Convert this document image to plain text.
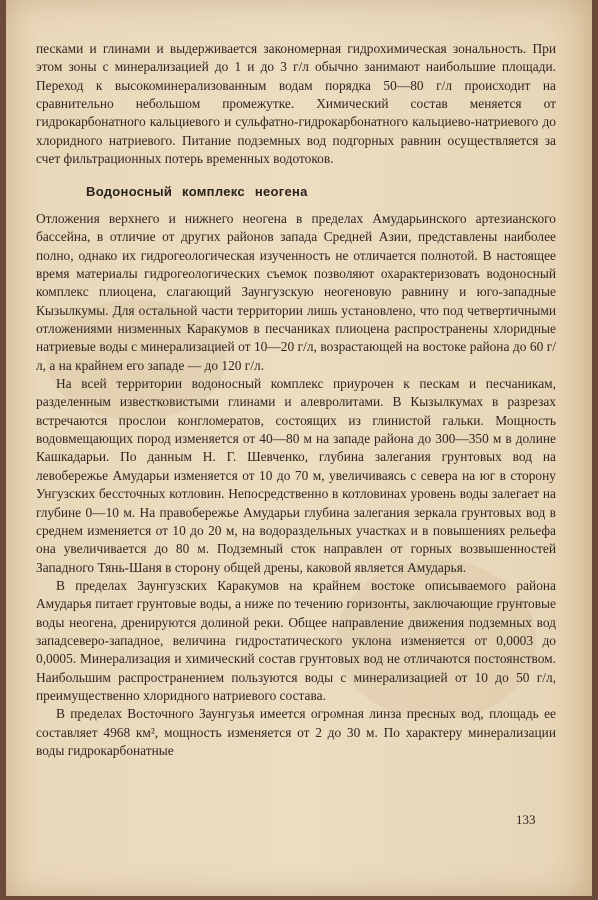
песками и глинами и выдерживается закономерная гидрохимическая зональность. При этом зоны с минерализацией до 1 и до 3 г/л обычно занимают наибольшие площади. Переход к высокоминерализованным водам порядка 50—80 г/л происходит на сравнительно небольшом промежутке. Химический состав меняется от гидрокарбонатного кальциевого и сульфатно-гидрокарбонатного кальциево-натриевого до хлоридного натриевого. Питание подземных вод подгорных равнин осуществляется за счет фильтрационных потерь временных водотоков.

Водоносный комплекс неогена

Отложения верхнего и нижнего неогена в пределах Амударьинского артезианского бассейна, в отличие от других районов запада Средней Азии, представлены наиболее полно, однако их гидрогеологическая изученность не отличается полнотой. В настоящее время материалы гидрогеологических съемок позволяют охарактеризовать водоносный комплекс плиоцена, слагающий Заунгузскую неогеновую равнину и юго-западные Кызылкумы. Для остальной части территории лишь установлено, что под четвертичными отложениями низменных Каракумов в песчаниках плиоцена распространены хлоридные натриевые воды с минерализацией от 10—20 г/л, возрастающей на востоке района до 60 г/л, а на крайнем его западе — до 120 г/л.

На всей территории водоносный комплекс приурочен к пескам и песчаникам, разделенным известковистыми глинами и алевролитами. В Кызылкумах в разрезах встречаются прослои конгломератов, состоящих из глинистой гальки. Мощность водовмещающих пород изменяется от 40—80 м на западе района до 300—350 м в долине Кашкадарьи. По данным Н. Г. Шевченко, глубина залегания грунтовых вод на левобережье Амударьи изменяется от 10 до 70 м, увеличиваясь с севера на юг в сторону Унгузских бессточных котловин. Непосредственно в котловинах уровень воды залегает на глубине 0—10 м. На правобережье Амударьи глубина залегания зеркала грунтовых вод в среднем изменяется от 10 до 20 м, на водораздельных участках и в повышениях рельефа она увеличивается до 80 м. Подземный сток направлен от горных возвышенностей Западного Тянь-Шаня в сторону общей дрены, каковой является Амударья.

В пределах Заунгузских Каракумов на крайнем востоке описываемого района Амударья питает грунтовые воды, а ниже по течению горизонты, заключающие грунтовые воды неогена, дренируются долиной реки. Общее направление движения подземных вод западсеверо-западное, величина гидростатического уклона изменяется от 0,0003 до 0,0005. Минерализация и химический состав грунтовых вод не отличаются постоянством. Наибольшим распространением пользуются воды с минерализацией от 10 до 50 г/л, преимущественно хлоридного натриевого состава.

В пределах Восточного Заунгузья имеется огромная линза пресных вод, площадь ее составляет 4968 км², мощность изменяется от 2 до 30 м. По характеру минерализации воды гидрокарбонатные

133
